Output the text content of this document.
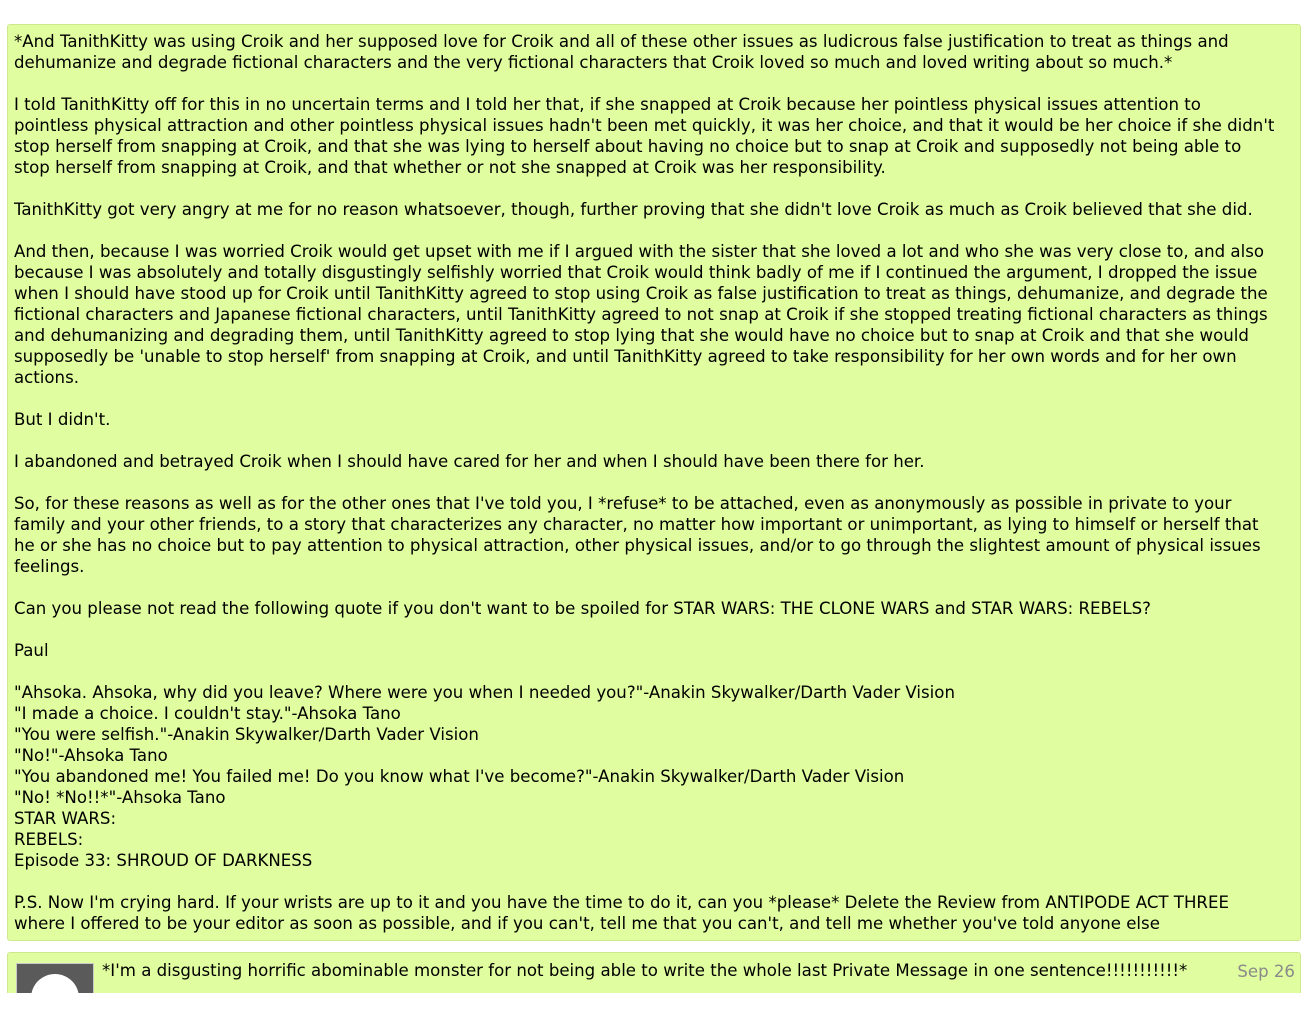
*And TanithKitty was using Croik and her supposed love for Croik and all of these other issues as ludicrous false justification to treat as things and
dehumanize and degrade fictional characters and the very fictional characters that Croik loved so much and loved writing about so much.*
I told TanithKitty off for this in no uncertain terms and I told her that, if she snapped at Croik because her pointless physical issues attention to
pointless physical attraction and other pointless physical issues hadn't been met quickly, it was her choice, and that it would be her choice if she didn't
stop herself from snapping at Croik, and that she was lying to herself about having no choice but to snap at Croik and supposedly not being able to
stop herself from snapping at Croik, and that whether or not she snapped at Croik was her responsibility.
TanithKitty got very angry at me for no reason whatsoever, though, further proving that she didn't love Croik as much as Croik believed that she did.
And then, because I was worried Croik would get upset with me if I argued with the sister that she loved a lot and who she was very close to, and also
because I was absolutely and totally disgustingly selfishly worried that Croik would think badly of me if I continued the argument, I dropped the issue
when I should have stood up for Croik until TanithKitty agreed to stop using Croik as false justification to treat as things, dehumanize, and degrade the
fictional characters and Japanese fictional characters, until TanithKitty agreed to not snap at Croik if she stopped treating fictional characters as things
and dehumanizing and degrading them, until TanithKitty agreed to stop lying that she would have no choice but to snap at Croik and that she would
supposedly be 'unable to stop herself' from snapping at Croik, and until TanithKitty agreed to take responsibility for her own words and for her own
actions.
But I didn't.
I abandoned and betrayed Croik when I should have cared for her and when I should have been there for her.
So, for these reasons as well as for the other ones that I've told you, I *refuse* to be attached, even as anonymously as possible in private to your
family and your other friends, to a story that characterizes any character, no matter how important or unimportant, as lying to himself or herself that
he or she has no choice but to pay attention to physical attraction, other physical issues, and/or to go through the slightest amount of physical issues
feelings.
Can you please not read the following quote if you don't want to be spoiled for STAR WARS: THE CLONE WARS and STAR WARS: REBELS?
Paul
"Ahsoka. Ahsoka, why did you leave? Where were you when I needed you?"-Anakin Skywalker/Darth Vader Vision
"I made a choice. I couldn't stay."-Ahsoka Tano
"You were selfish."-Anakin Skywalker/Darth Vader Vision
"No!"-Ahsoka Tano
"You abandoned me! You failed me! Do you know what I've become?"-Anakin Skywalker/Darth Vader Vision
"No! *No!!*"-Ahsoka Tano
STAR WARS:
REBELS:
Episode 33: SHROUD OF DARKNESS
P.S. Now I'm crying hard. If your wrists are up to it and you have the time to do it, can you *please* Delete the Review from ANTIPODE ACT THREE
where I offered to be your editor as soon as possible, and if you can't, tell me that you can't, and tell me whether you've told anyone else
*I'm a disgusting horrific abominable monster for not being able to write the whole last Private Message in one sentence!!!!!!!!!!!*	Sep 26
